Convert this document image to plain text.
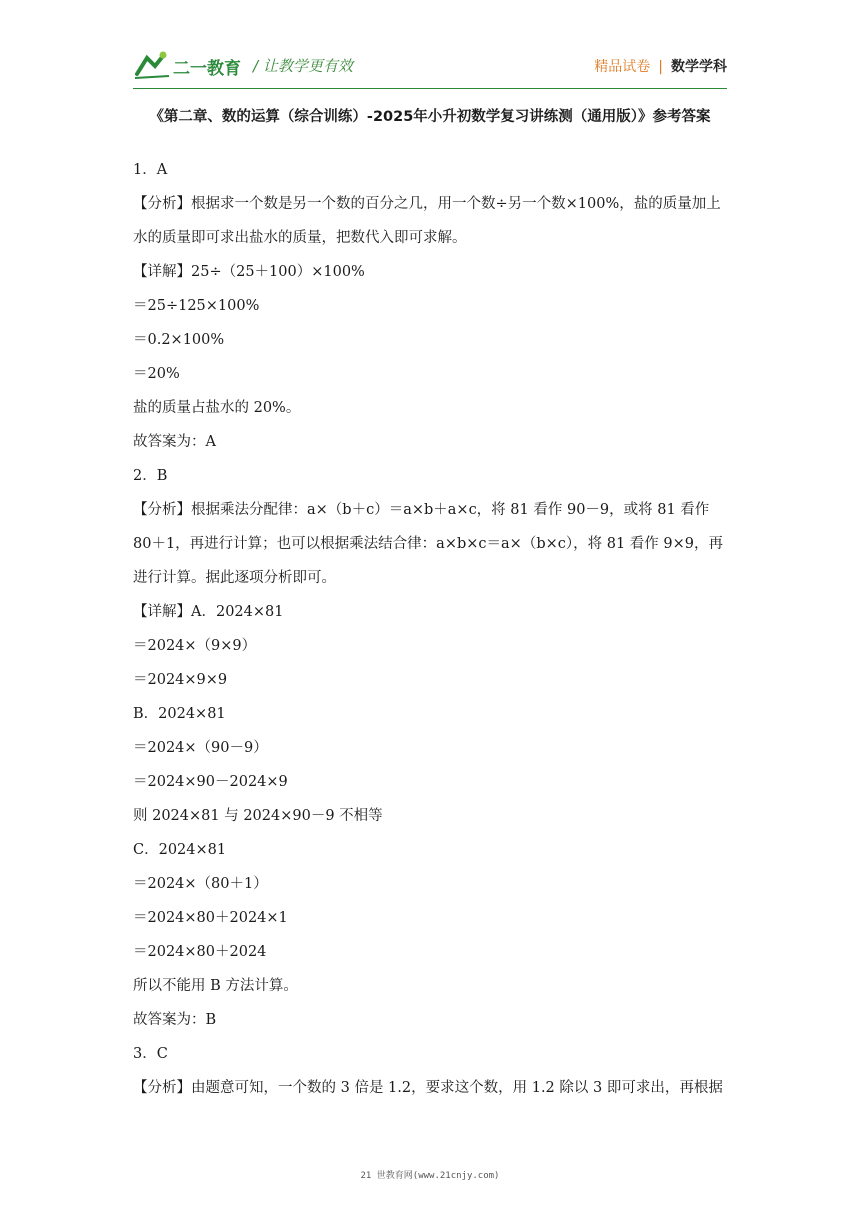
二一教育 / 让教学更有效	精品试卷 | 数学学科
《第二章、数的运算（综合训练）-2025年小升初数学复习讲练测（通用版）》参考答案
1．A
【分析】根据求一个数是另一个数的百分之几，用一个数÷另一个数×100%，盐的质量加上水的质量即可求出盐水的质量，把数代入即可求解。
【详解】25÷（25＋100）×100%
＝25÷125×100%
＝0.2×100%
＝20%
盐的质量占盐水的 20%。
故答案为：A
2．B
【分析】根据乘法分配律：a×（b＋c）＝a×b＋a×c，将 81 看作 90－9，或将 81 看作 80＋1，再进行计算；也可以根据乘法结合律：a×b×c＝a×（b×c），将 81 看作 9×9，再进行计算。据此逐项分析即可。
【详解】A．2024×81
＝2024×（9×9）
＝2024×9×9
B．2024×81
＝2024×（90－9）
＝2024×90－2024×9
则 2024×81 与 2024×90－9 不相等
C．2024×81
＝2024×（80＋1）
＝2024×80＋2024×1
＝2024×80＋2024
所以不能用 B 方法计算。
故答案为：B
3．C
【分析】由题意可知，一个数的 3 倍是 1.2，要求这个数，用 1.2 除以 3 即可求出，再根据
21 世教育网(www.21cnjy.com)
